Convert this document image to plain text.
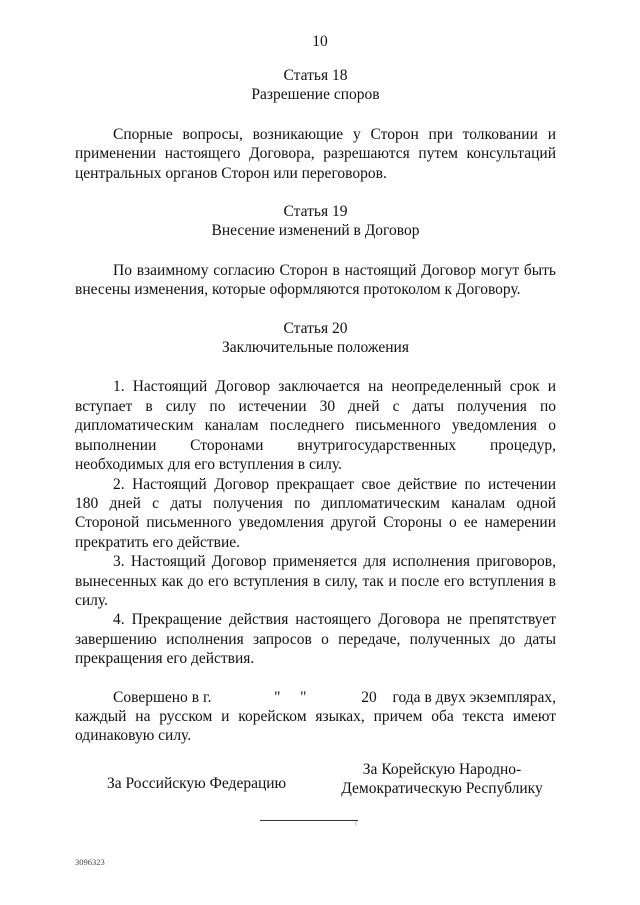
10
Статья 18
Разрешение споров

Спорные вопросы, возникающие у Сторон при толковании и применении настоящего Договора, разрешаются путем консультаций центральных органов Сторон или переговоров.

Статья 19
Внесение изменений в Договор

По взаимному согласию Сторон в настоящий Договор могут быть внесены изменения, которые оформляются протоколом к Договору.

Статья 20
Заключительные положения

1. Настоящий Договор заключается на неопределенный срок и вступает в силу по истечении 30 дней с даты получения по дипломатическим каналам последнего письменного уведомления о выполнении Сторонами внутригосударственных процедур, необходимых для его вступления в силу.

2. Настоящий Договор прекращает свое действие по истечении 180 дней с даты получения по дипломатическим каналам одной Стороной письменного уведомления другой Стороны о ее намерении прекратить его действие.

3. Настоящий Договор применяется для исполнения приговоров, вынесенных как до его вступления в силу, так и после его вступления в силу.

4. Прекращение действия настоящего Договора не препятствует завершению исполнения запросов о передаче, полученных до даты прекращения его действия.

Совершено в г.                "     "              20    года в двух экземплярах, каждый на русском и корейском языках, причем оба текста имеют одинаковую силу.

За Российскую Федерацию
За Корейскую Народно-
Демократическую Республику
/
3096323
